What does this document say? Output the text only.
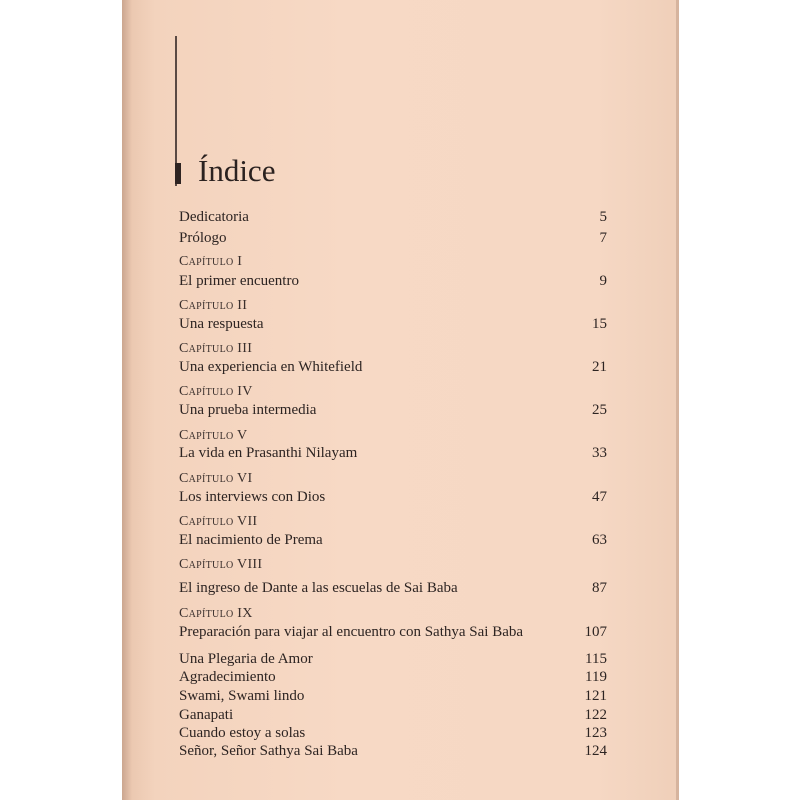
Índice
Dedicatoria	5
Prólogo	7
Capítulo I
El primer encuentro	9
Capítulo II
Una respuesta	15
Capítulo III
Una experiencia en Whitefield	21
Capítulo IV
Una prueba intermedia	25
Capítulo V
La vida en Prasanthi Nilayam	33
Capítulo VI
Los interviews con Dios	47
Capítulo VII
El nacimiento de Prema	63
Capítulo VIII
El ingreso de Dante a las escuelas de Sai Baba	87
Capítulo IX
Preparación para viajar al encuentro con Sathya Sai Baba	107
Una Plegaria de Amor	115
Agradecimiento	119
Swami, Swami lindo	121
Ganapati	122
Cuando estoy a solas	123
Señor, Señor Sathya Sai Baba	124
